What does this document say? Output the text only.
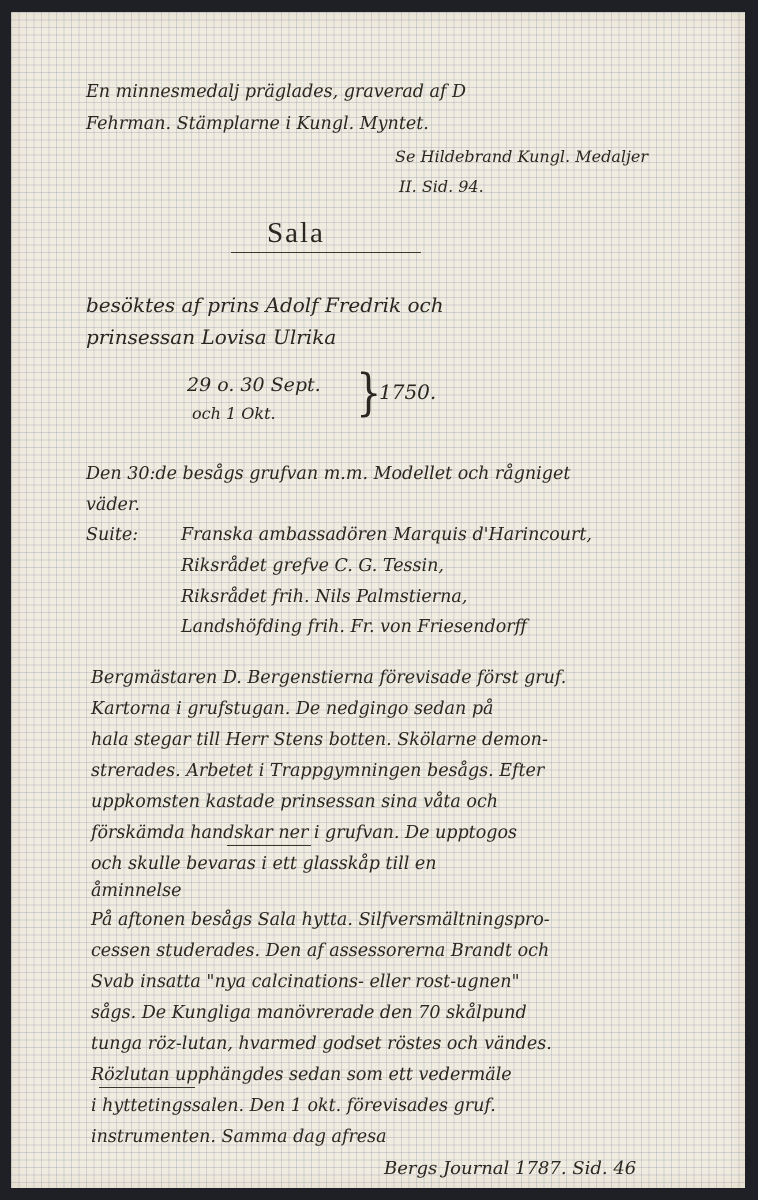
En minnesmedalj präglades, graverad af D
Fehrman. Stämplarne i Kungl. Myntet.
Se Hildebrand Kungl. Medaljer
II. Sid. 94.
Sala
besöktes af prins Adolf Fredrik och
prinsessan Lovisa Ulrika
29 o. 30 Sept.
och 1 Okt. }
1750.
Den 30:de besågs grufvan m.m. Modellet och rågniget
väder.
Suite: Franska ambassadören Marquis d'Harincourt,
Riksrådet grefve C. G. Tessin,
Riksrådet frih. Nils Palmstierna,
Landshöfding frih. Fr. von Friesendorff
Bergmästaren D. Bergenstierna förevisade först gruf.
Kartorna i grufstugan. De nedgingo sedan på
hala stegar till Herr Stens botten. Skölarne demon-
strerades. Arbetet i Trappgymningen besågs. Efter
uppkomsten kastade prinsessan sina våta och
förskämda handskar ner i grufvan. De upptogos
och skulle bevaras i ett glasskåp till en
åminnelse
På aftonen besågs Sala hytta. Silfversmältningspro-
cessen studerades. Den af assessorerna Brandt och
Svab insatta "nya calcinations- eller rost-ugnen"
sågs. De Kungliga manövrerade den 70 skålpund
tunga röz-lutan, hvarmed godset röstes och vändes.
Rözlutan upphängdes sedan som ett vedermäle
i hyttetingssalen. Den 1 okt. förevisades gruf.
instrumenten. Samma dag afresa
Bergs Journal 1787. Sid. 46
